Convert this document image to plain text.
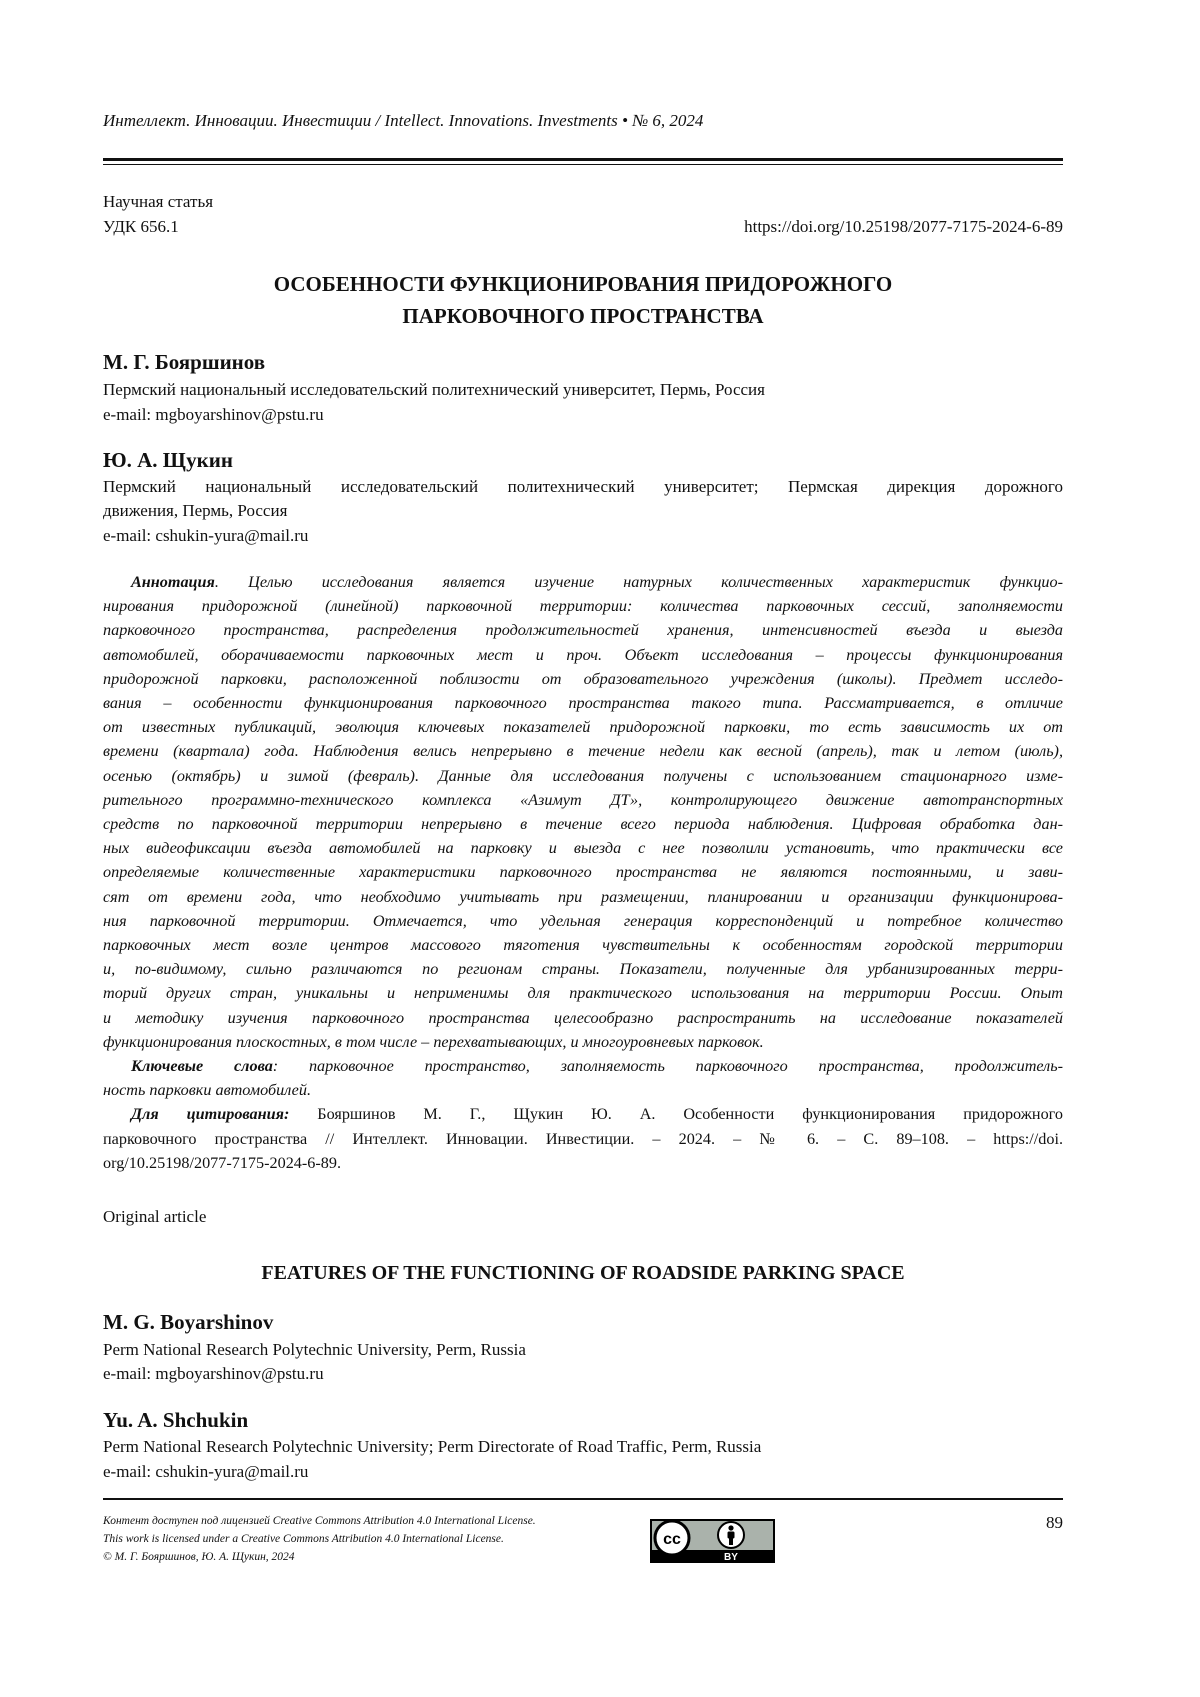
Интеллект. Инновации. Инвестиции / Intellect. Innovations. Investments • № 6, 2024
Научная статья
УДК 656.1	https://doi.org/10.25198/2077-7175-2024-6-89
ОСОБЕННОСТИ ФУНКЦИОНИРОВАНИЯ ПРИДОРОЖНОГО
ПАРКОВОЧНОГО ПРОСТРАНСТВА
М. Г. Бояршинов
Пермский национальный исследовательский политехнический университет, Пермь, Россия
e-mail: mgboyarshinov@pstu.ru
Ю. А. Щукин
Пермский национальный исследовательский политехнический университет; Пермская дирекция дорожного
движения, Пермь, Россия
e-mail: cshukin-yura@mail.ru
Аннотация. Целью исследования является изучение натурных количественных характеристик функцио-
нирования придорожной (линейной) парковочной территории: количества парковочных сессий, заполняемости
парковочного пространства, распределения продолжительностей хранения, интенсивностей въезда и выезда
автомобилей, оборачиваемости парковочных мест и проч. Объект исследования – процессы функционирования
придорожной парковки, расположенной поблизости от образовательного учреждения (школы). Предмет исследо-
вания – особенности функционирования парковочного пространства такого типа. Рассматривается, в отличие
от известных публикаций, эволюция ключевых показателей придорожной парковки, то есть зависимость их от
времени (квартала) года. Наблюдения велись непрерывно в течение недели как весной (апрель), так и летом (июль),
осенью (октябрь) и зимой (февраль). Данные для исследования получены с использованием стационарного изме-
рительного программно-технического комплекса «Азимут ДТ», контролирующего движение автотранспортных
средств по парковочной территории непрерывно в течение всего периода наблюдения. Цифровая обработка дан-
ных видеофиксации въезда автомобилей на парковку и выезда с нее позволили установить, что практически все
определяемые количественные характеристики парковочного пространства не являются постоянными, и зави-
сят от времени года, что необходимо учитывать при размещении, планировании и организации функционирова-
ния парковочной территории. Отмечается, что удельная генерация корреспонденций и потребное количество
парковочных мест возле центров массового тяготения чувствительны к особенностям городской территории
и, по-видимому, сильно различаются по регионам страны. Показатели, полученные для урбанизированных терри-
торий других стран, уникальны и неприменимы для практического использования на территории России. Опыт
и методику изучения парковочного пространства целесообразно распространить на исследование показателей
функционирования плоскостных, в том числе – перехватывающих, и многоуровневых парковок.
Ключевые слова: парковочное пространство, заполняемость парковочного пространства, продолжитель-
ность парковки автомобилей.
Для цитирования: Бояршинов М. Г., Щукин Ю. А. Особенности функционирования придорожного
парковочного пространства // Интеллект. Инновации. Инвестиции. – 2024. – № 6. – С. 89–108. – https://doi.
org/10.25198/2077-7175-2024-6-89.
Original article
FEATURES OF THE FUNCTIONING OF ROADSIDE PARKING SPACE
M. G. Boyarshinov
Perm National Research Polytechnic University, Perm, Russia
e-mail: mgboyarshinov@pstu.ru
Yu. A. Shchukin
Perm National Research Polytechnic University; Perm Directorate of Road Traffic, Perm, Russia
e-mail: cshukin-yura@mail.ru
Контент доступен под лицензией Creative Commons Attribution 4.0 International License.
This work is licensed under a Creative Commons Attribution 4.0 International License.
© М. Г. Бояршинов, Ю. А. Щукин, 2024
cc
BY
89
